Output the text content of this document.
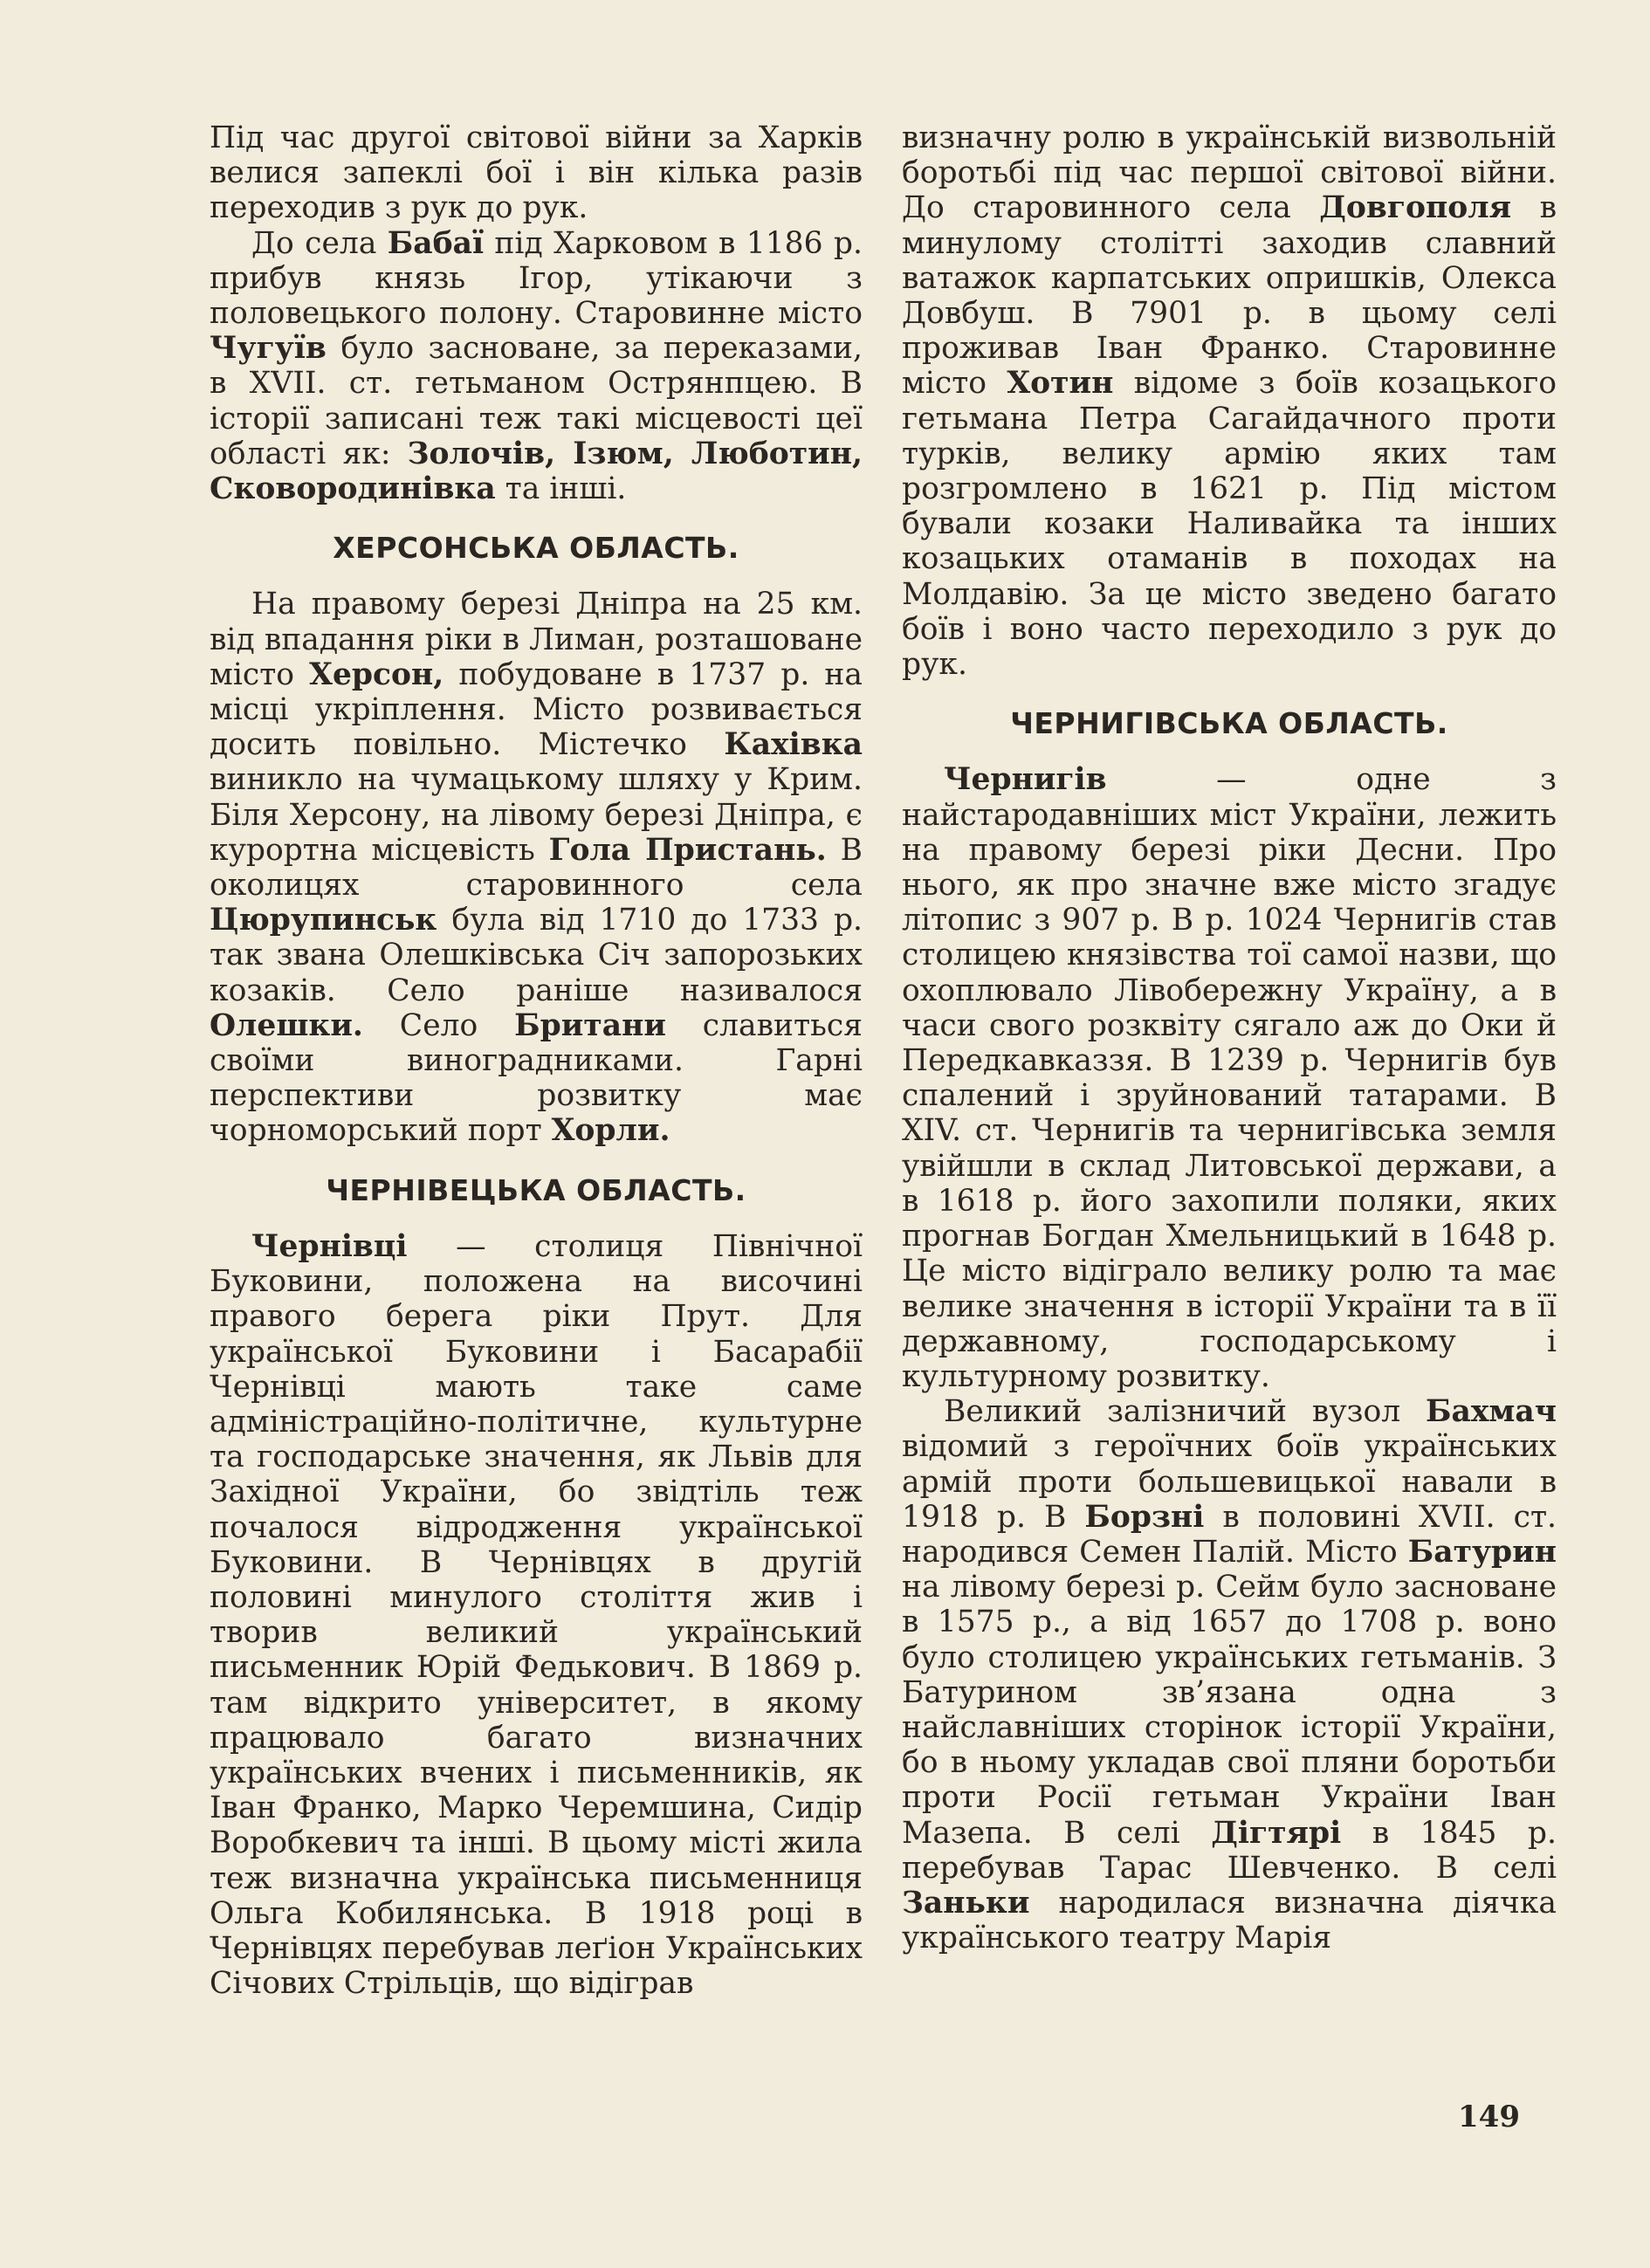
Під час другої світової війни за Харків велися запеклі бої і він кілька разів переходив з рук до рук.

До села Бабаї під Харковом в 1186 р. прибув князь Ігор, утікаючи з половецького полону. Старовинне місто Чугуїв було засноване, за переказами, в XVII. ст. гетьманом Острянпцею. В історії записані теж такі місцевості цеї області як: Золочів, Ізюм, Люботин, Сковородинівка та інші.

ХЕРСОНСЬКА ОБЛАСТЬ.

На правому березі Дніпра на 25 км. від впадання ріки в Лиман, розташоване місто Херсон, побудоване в 1737 р. на місці укріплення. Місто розвивається досить повільно. Містечко Кахівка виникло на чумацькому шляху у Крим. Біля Херсону, на лівому березі Дніпра, є курортна місцевість Гола Пристань. В околицях старовинного села Цюрупинськ була від 1710 до 1733 р. так звана Олешківська Січ запорозьких козаків. Село раніше називалося Олешки. Село Британи славиться своїми виноградниками. Гарні перспективи розвитку має чорноморський порт Хорли.

ЧЕРНІВЕЦЬКА ОБЛАСТЬ.

Чернівці — столиця Північної Буковини, положена на височині правого берега ріки Прут. Для української Буковини і Басарабії Чернівці мають таке саме адміністраційно-політичне, культурне та господарське значення, як Львів для Західної України, бо звідтіль теж почалося відродження української Буковини. В Чернівцях в другій половині минулого століття жив і творив великий український письменник Юрій Федькович. В 1869 р. там відкрито університет, в якому працювало багато визначних українських вчених і письменників, як Іван Франко, Марко Черемшина, Сидір Воробкевич та інші. В цьому місті жила теж визначна українська письменниця Ольга Кобилянська. В 1918 році в Чернівцях перебував леґіон Українських Січових Стрільців, що відіграв

визначну ролю в українській визвольній боротьбі під час першої світової війни. До старовинного села Довгополя в минулому столітті заходив славний ватажок карпатських опришків, Олекса Довбуш. В 7901 р. в цьому селі проживав Іван Франко. Старовинне місто Хотин відоме з боїв козацького гетьмана Петра Сагайдачного проти турків, велику армію яких там розгромлено в 1621 р. Під містом бували козаки Наливайка та інших козацьких отаманів в походах на Молдавію. За це місто зведено багато боїв і воно часто переходило з рук до рук.

ЧЕРНИГІВСЬКА ОБЛАСТЬ.

Чернигів — одне з найстародавніших міст України, лежить на правому березі ріки Десни. Про нього, як про значне вже місто згадує літопис з 907 р. В р. 1024 Чернигів став столицею князівства тої самої назви, що охоплювало Лівобережну Україну, а в часи свого розквіту сягало аж до Оки й Передкавказзя. В 1239 р. Чернигів був спалений і зруйнований татарами. В XIV. ст. Чернигів та чернигівська земля увійшли в склад Литовської держави, а в 1618 р. його захопили поляки, яких прогнав Богдан Хмельницький в 1648 р. Це місто відіграло велику ролю та має велике значення в історії України та в її державному, господарському і культурному розвитку.

Великий залізничий вузол Бахмач відомий з героїчних боїв українських армій проти большевицької навали в 1918 р. В Борзні в половині XVII. ст. народився Семен Палій. Місто Батурин на лівому березі р. Сейм було засноване в 1575 р., а від 1657 до 1708 р. воно було столицею українських гетьманів. З Батурином зв’язана одна з найславніших сторінок історії України, бо в ньому укладав свої пляни боротьби проти Росії гетьман України Іван Мазепа. В селі Дігтярі в 1845 р. перебував Тарас Шевченко. В селі Заньки народилася визначна діячка українського театру Марія

149
